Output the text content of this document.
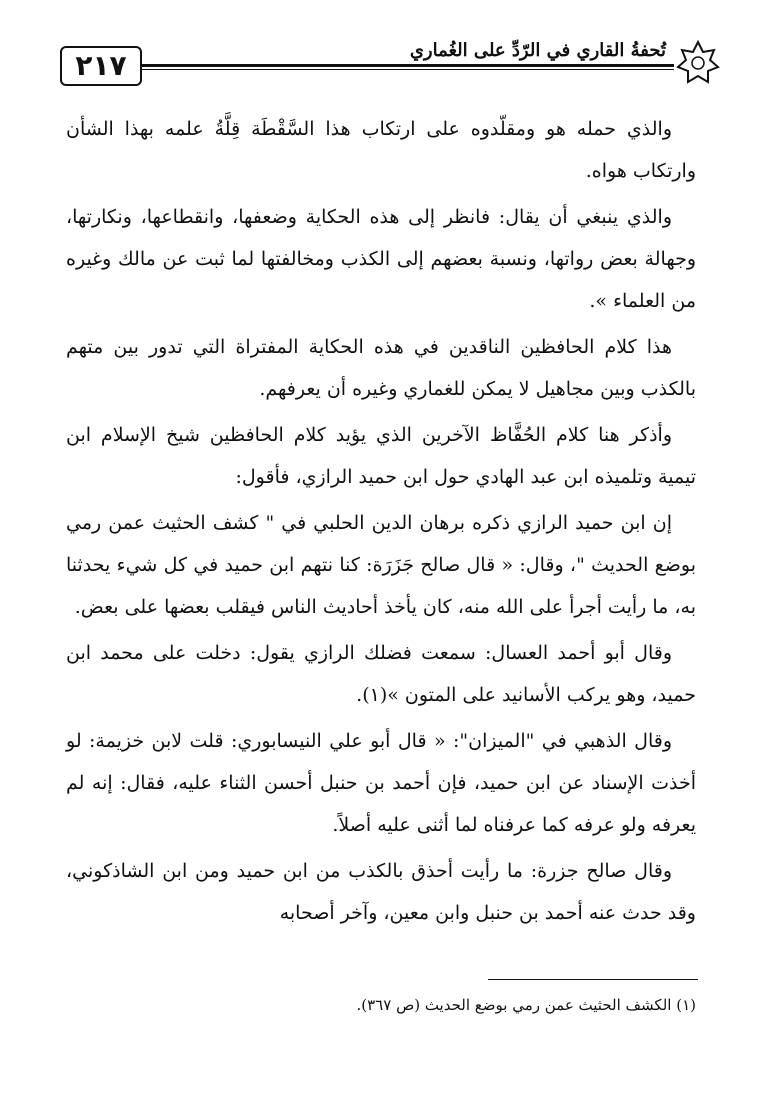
٢١٧	تُحفةُ القاري في الرّدِّ على الغُماري

والذي حمله هو ومقلّدوه على ارتكاب هذا السَّقْطَة قِلَّةُ علمه بهذا الشأن وارتكاب هواه.

والذي ينبغي أن يقال: فانظر إلى هذه الحكاية وضعفها، وانقطاعها، ونكارتها، وجهالة بعض رواتها، ونسبة بعضهم إلى الكذب ومخالفتها لما ثبت عن مالك وغيره من العلماء ».

هذا كلام الحافظين الناقدين في هذه الحكاية المفتراة التي تدور بين متهم بالكذب وبين مجاهيل لا يمكن للغماري وغيره أن يعرفهم.

وأذكر هنا كلام الحُفَّاظ الآخرين الذي يؤيد كلام الحافظين شيخ الإسلام ابن تيمية وتلميذه ابن عبد الهادي حول ابن حميد الرازي، فأقول:

إن ابن حميد الرازي ذكره برهان الدين الحلبي في " كشف الحثيث عمن رمي بوضع الحديث "، وقال: « قال صالح جَزَرَة: كنا نتهم ابن حميد في كل شيء يحدثنا به، ما رأيت أجرأ على الله منه، كان يأخذ أحاديث الناس فيقلب بعضها على بعض.

وقال أبو أحمد العسال: سمعت فضلك الرازي يقول: دخلت على محمد ابن حميد، وهو يركب الأسانيد على المتون »(١).

وقال الذهبي في "الميزان": « قال أبو علي النيسابوري: قلت لابن خزيمة: لو أخذت الإسناد عن ابن حميد، فإن أحمد بن حنبل أحسن الثناء عليه، فقال: إنه لم يعرفه ولو عرفه كما عرفناه لما أثنى عليه أصلاً.

وقال صالح جزرة: ما رأيت أحذق بالكذب من ابن حميد ومن ابن الشاذكوني، وقد حدث عنه أحمد بن حنبل وابن معين، وآخر أصحابه

(١) الكشف الحثيث عمن رمي بوضع الحديث (ص ٣٦٧).
